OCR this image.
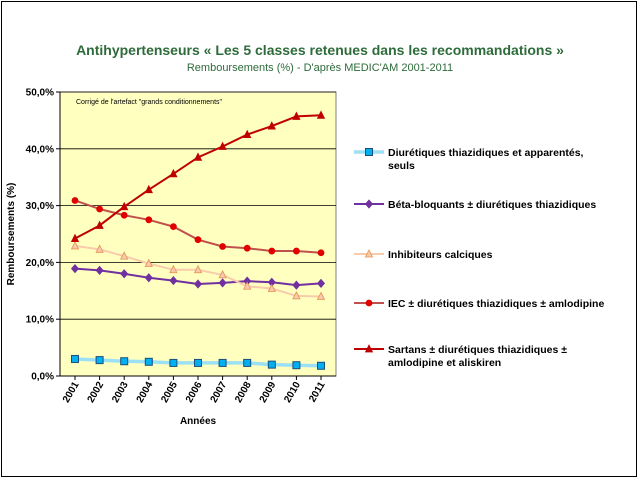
Antihypertenseurs « Les 5 classes retenues dans les recommandations »
Remboursements (%) - D'après MEDIC'AM 2001-2011
0,0%
10,0%
20,0%
30,0%
40,0%
50,0%
2001 2002 2003 2004 2005 2006 2007 2008 2009 2010 2011
Diurétiques thiazidiques et apparentés, seuls
Béta-bloquants ± diurétiques thiazidiques
Inhibiteurs calciques
IEC ± diurétiques thiazidiques ± amlodipine
Sartans ± diurétiques thiazidiques ± amlodipine et aliskiren
Corrigé de l'artefact "grands conditionnements"
Années
Remboursements (%)
